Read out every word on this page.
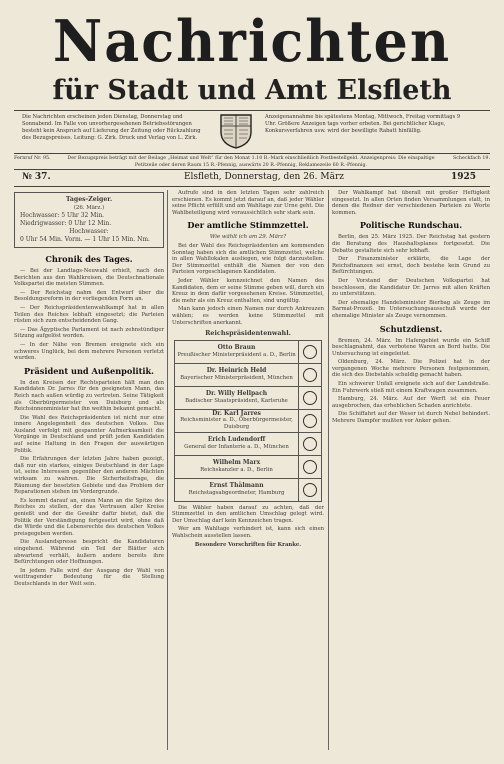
Nachrichten
für Stadt und Amt Elsfleth
Die Nachrichten erscheinen jeden Dienstag, Donnerstag und Sonnabend. Im Falle von unvorhergesehenen Betriebsstörungen besteht kein Anspruch auf Lieferung der Zeitung oder Rückzahlung des Bezugspreises. Leitung: G. Zirk. Druck und Verlag von L. Zirk.
Anzeigenannahme bis spätestens Montag, Mittwoch, Freitag vormittags 9 Uhr. Größere Anzeigen tags vorher erbeten. Bei gerichtlicher Klage, Konkursverfahren usw. wird der bewilligte Rabatt hinfällig.
Fernruf Nr. 95.	Der Bezugspreis beträgt mit der Beilage „Heimat und Welt“ für den Monat 1.10 R.-Mark einschließlich Postbestellgeld. Anzeigenpreis: Die einspaltige Petitzeile oder deren Raum 15 R.-Pfennig, auswärts 20 R.-Pfennig, Reklamezeile 60 R.-Pfennig.
Scheckfach 19.
№ 37.	Elsfleth, Donnerstag, den 26. März	1925
Tages-Zeiger.
(26. März.)
Hochwasser: 5 Uhr 32 Min.
Niedrigwasser: 0 Uhr 12 Min.
Hochwasser:
0 Uhr 54 Min. Vorm. — 1 Uhr 15 Min. Nm.
Chronik des Tages.
— Bei der Landtags-Neuwahl erhielt, nach den Berichten aus den Wahlkreisen, die Deutschnationale Volkspartei die meisten Stimmen.
— Der Reichstag nahm den Entwurf über die Besoldungsreform in der vorliegenden Form an.
— Der Reichspräsidentenwahlkampf hat in allen Teilen des Reiches lebhaft eingesetzt; die Parteien rüsten sich zum entscheidenden Gang.
— Das Ägyptische Parlament ist nach zehnstündiger Sitzung aufgelöst worden.
— In der Nähe von Bremen ereignete sich ein schweres Unglück, bei dem mehrere Personen verletzt wurden.
Präsident und Außenpolitik.
In den Kreisen der Rechtsparteien hält man den Kandidaten Dr. Jarres für den geeigneten Mann, das Reich nach außen würdig zu vertreten. Seine Tätigkeit als Oberbürgermeister von Duisburg und als Reichsinnenminister hat ihn weithin bekannt gemacht.
Die Wahl des Reichspräsidenten ist nicht nur eine innere Angelegenheit des deutschen Volkes. Das Ausland verfolgt mit gespannter Aufmerksamkeit die Vorgänge in Deutschland und prüft jeden Kandidaten auf seine Haltung in den Fragen der auswärtigen Politik.
Die Erfahrungen der letzten Jahre haben gezeigt, daß nur ein starkes, einiges Deutschland in der Lage ist, seine Interessen gegenüber den anderen Mächten wirksam zu wahren. Die Sicherheitsfrage, die Räumung der besetzten Gebiete und das Problem der Reparationen stehen im Vordergrunde.
Es kommt darauf an, einen Mann an die Spitze des Reiches zu stellen, der das Vertrauen aller Kreise genießt und der die Gewähr dafür bietet, daß die Politik der Verständigung fortgesetzt wird, ohne daß die Würde und die Lebensrechte des deutschen Volkes preisgegeben werden.
Die Auslandspresse bespricht die Kandidaturen eingehend. Während ein Teil der Blätter sich abwartend verhält, äußern andere bereits ihre Befürchtungen oder Hoffnungen.
In jedem Falle wird der Ausgang der Wahl von weittragender Bedeutung für die Stellung Deutschlands in der Welt sein.
Aufrufe sind in den letzten Tagen sehr zahlreich erschienen. Es kommt jetzt darauf an, daß jeder Wähler seine Pflicht erfüllt und am Wahltage zur Urne geht. Die Wahlbeteiligung wird voraussichtlich sehr stark sein.
Der amtliche Stimmzettel.
Wie wählt ich am 29. März?
Bei der Wahl des Reichspräsidenten am kommenden Sonntag haben sich die amtlichen Stimmzettel, welche in allen Wahllokalen ausliegen, wie folgt darzustellen. Der Stimmzettel enthält die Namen der von den Parteien vorgeschlagenen Kandidaten.
Jeder Wähler kennzeichnet den Namen des Kandidaten, dem er seine Stimme geben will, durch ein Kreuz in dem dafür vorgesehenen Kreise. Stimmzettel, die mehr als ein Kreuz enthalten, sind ungültig.
Man kann jedoch einen Namen nur durch Ankreuzen wählen; es werden keine Stimmzettel mit Unterschriften anerkannt.
Reichspräsidentenwahl.
Otto Braun
Preußischer Ministerpräsident a. D., Berlin
Dr. Heinrich Held
Bayerischer Ministerpräsident, München
Dr. Willy Hellpach
Badischer Staatspräsident, Karlsruhe
Dr. Karl Jarres
Reichsminister a. D., Oberbürgermeister, Duisburg
Erich Ludendorff
General der Infanterie a. D., München
Wilhelm Marx
Reichskanzler a. D., Berlin
Ernst Thälmann
Reichstagsabgeordneter, Hamburg
Die Wähler haben darauf zu achten, daß der Stimmzettel in den amtlichen Umschlag gelegt wird. Der Umschlag darf kein Kennzeichen tragen.
Wer am Wahltage verhindert ist, kann sich einen Wahlschein ausstellen lassen.
Besondere Vorschriften für Kranke.
Der Wahlkampf hat überall mit großer Heftigkeit eingesetzt. In allen Orten finden Versammlungen statt, in denen die Redner der verschiedenen Parteien zu Worte kommen.
Politische Rundschau.
Berlin, den 25. März 1925. Der Reichstag hat gestern die Beratung des Haushaltsplanes fortgesetzt. Die Debatte gestaltete sich sehr lebhaft.
Der Finanzminister erklärte, die Lage der Reichsfinanzen sei ernst, doch bestehe kein Grund zu Befürchtungen.
Der Vorstand der Deutschen Volkspartei hat beschlossen, die Kandidatur Dr. Jarres mit allen Kräften zu unterstützen.
Der ehemalige Handelsminister Bierbag als Zeuge im Barmat-Prozeß. Im Untersuchungsausschuß wurde der ehemalige Minister als Zeuge vernommen.
Schutzdienst.
Bremen, 24. März. Im Hafengebiet wurde ein Schiff beschlagnahmt, das verbotene Waren an Bord hatte. Die Untersuchung ist eingeleitet.
Oldenburg, 24. März. Die Polizei hat in der vergangenen Woche mehrere Personen festgenommen, die sich des Diebstahls schuldig gemacht haben.
Ein schwerer Unfall ereignete sich auf der Landstraße. Ein Fuhrwerk stieß mit einem Kraftwagen zusammen.
Hamburg, 24. März. Auf der Werft ist ein Feuer ausgebrochen, das erheblichen Schaden anrichtete.
Die Schiffahrt auf der Weser ist durch Nebel behindert. Mehrere Dampfer mußten vor Anker gehen.
